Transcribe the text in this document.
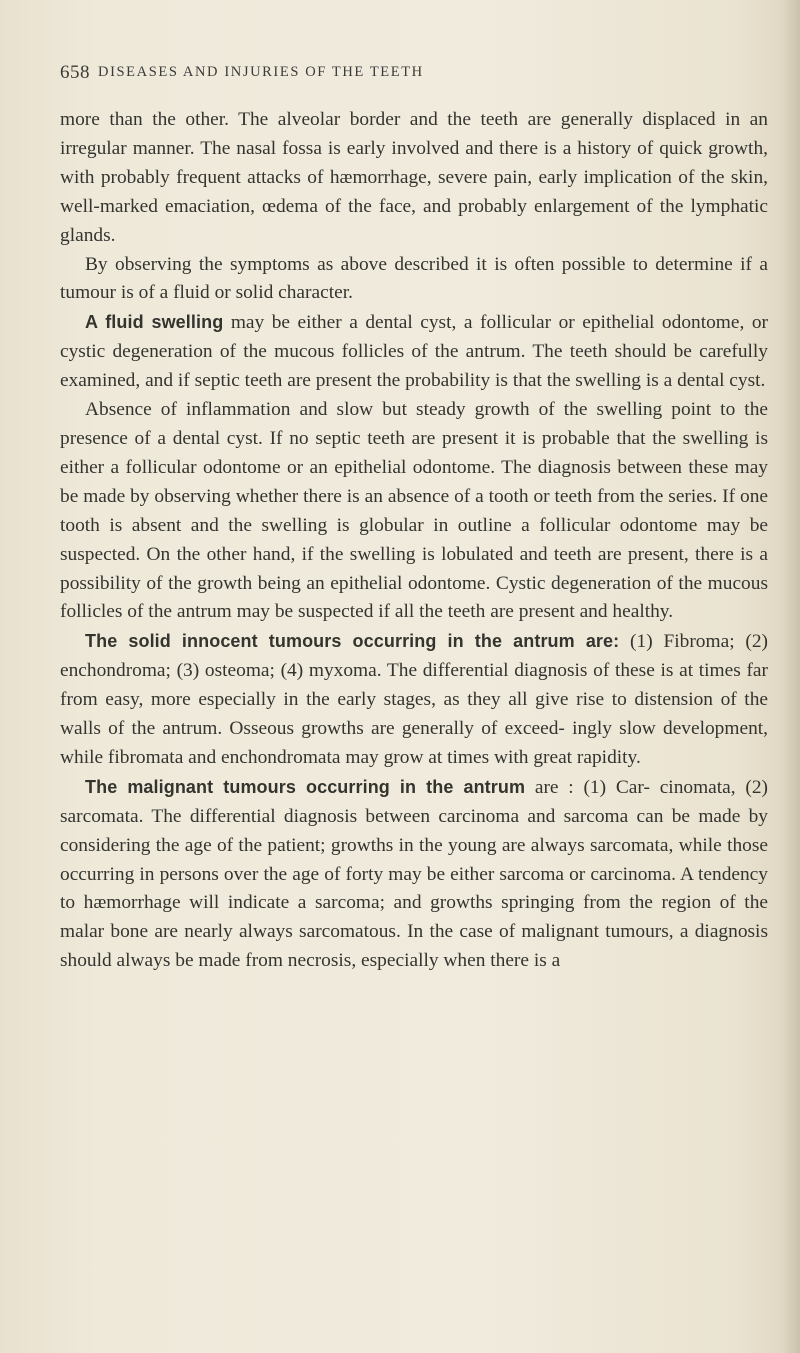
658 DISEASES AND INJURIES OF THE TEETH

more than the other. The alveolar border and the teeth are generally displaced in an irregular manner. The nasal fossa is early involved and there is a history of quick growth, with probably frequent attacks of hæmorrhage, severe pain, early implication of the skin, well-marked emaciation, œdema of the face, and probably enlargement of the lymphatic glands.

By observing the symptoms as above described it is often possible to determine if a tumour is of a fluid or solid character.

A fluid swelling may be either a dental cyst, a follicular or epithelial odontome, or cystic degeneration of the mucous follicles of the antrum. The teeth should be carefully examined, and if septic teeth are present the probability is that the swelling is a dental cyst.

Absence of inflammation and slow but steady growth of the swelling point to the presence of a dental cyst. If no septic teeth are present it is probable that the swelling is either a follicular odontome or an epithelial odontome. The diagnosis between these may be made by observing whether there is an absence of a tooth or teeth from the series. If one tooth is absent and the swelling is globular in outline a follicular odontome may be suspected. On the other hand, if the swelling is lobulated and teeth are present, there is a possibility of the growth being an epithelial odontome. Cystic degeneration of the mucous follicles of the antrum may be suspected if all the teeth are present and healthy.

The solid innocent tumours occurring in the antrum are: (1) Fibroma; (2) enchondroma; (3) osteoma; (4) myxoma. The differential diagnosis of these is at times far from easy, more especially in the early stages, as they all give rise to distension of the walls of the antrum. Osseous growths are generally of exceed- ingly slow development, while fibromata and enchondromata may grow at times with great rapidity.

The malignant tumours occurring in the antrum are : (1) Car- cinomata, (2) sarcomata. The differential diagnosis between carcinoma and sarcoma can be made by considering the age of the patient; growths in the young are always sarcomata, while those occurring in persons over the age of forty may be either sarcoma or carcinoma. A tendency to hæmorrhage will indicate a sarcoma; and growths springing from the region of the malar bone are nearly always sarcomatous. In the case of malignant tumours, a diagnosis should always be made from necrosis, especially when there is a
